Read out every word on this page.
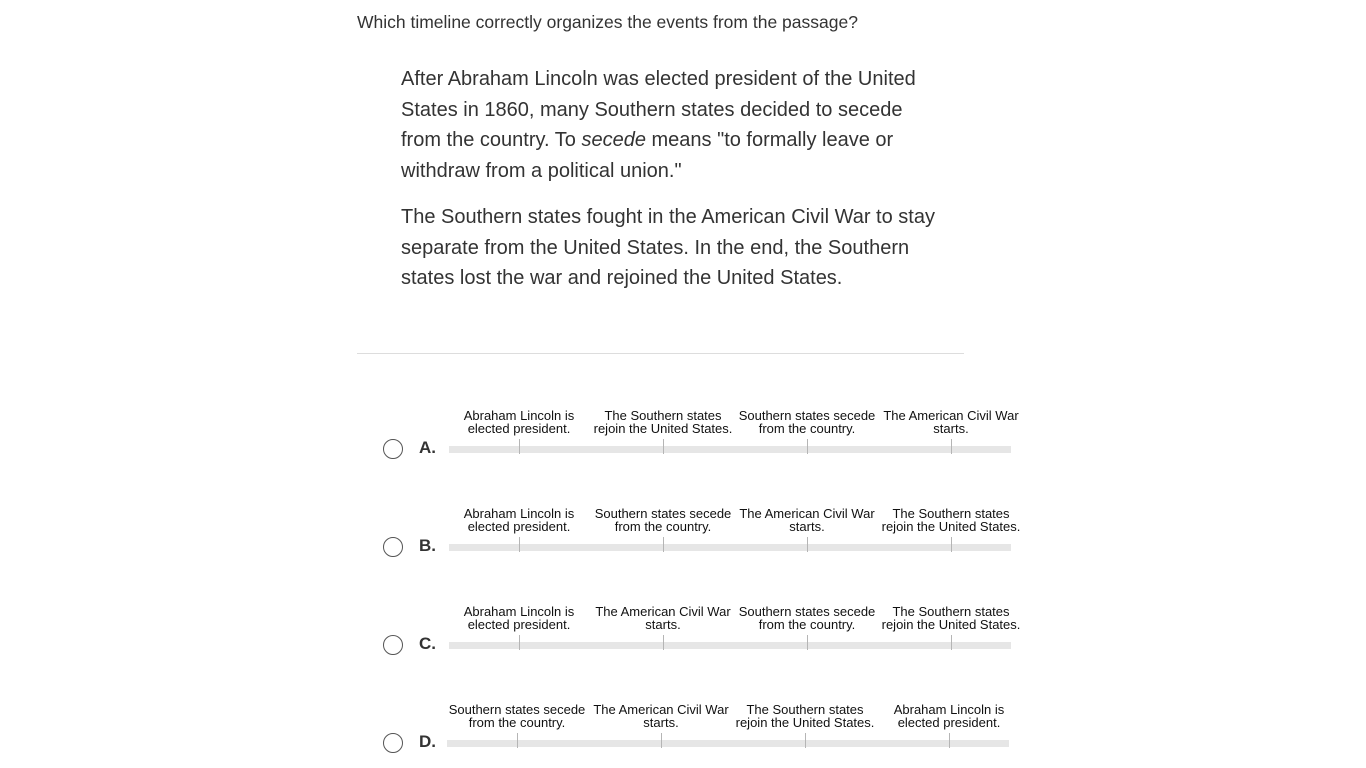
Which timeline correctly organizes the events from the passage?

After Abraham Lincoln was elected president of the United States in 1860, many Southern states decided to secede from the country. To secede means "to formally leave or withdraw from a political union."

The Southern states fought in the American Civil War to stay separate from the United States. In the end, the Southern states lost the war and rejoined the United States.

A.
Abraham Lincoln is elected president.
The Southern states rejoin the United States.
Southern states secede from the country.
The American Civil War starts.
B.
Abraham Lincoln is elected president.
Southern states secede from the country.
The American Civil War starts.
The Southern states rejoin the United States.
C.
Abraham Lincoln is elected president.
The American Civil War starts.
Southern states secede from the country.
The Southern states rejoin the United States.
D.
Southern states secede from the country.
The American Civil War starts.
The Southern states rejoin the United States.
Abraham Lincoln is elected president.
